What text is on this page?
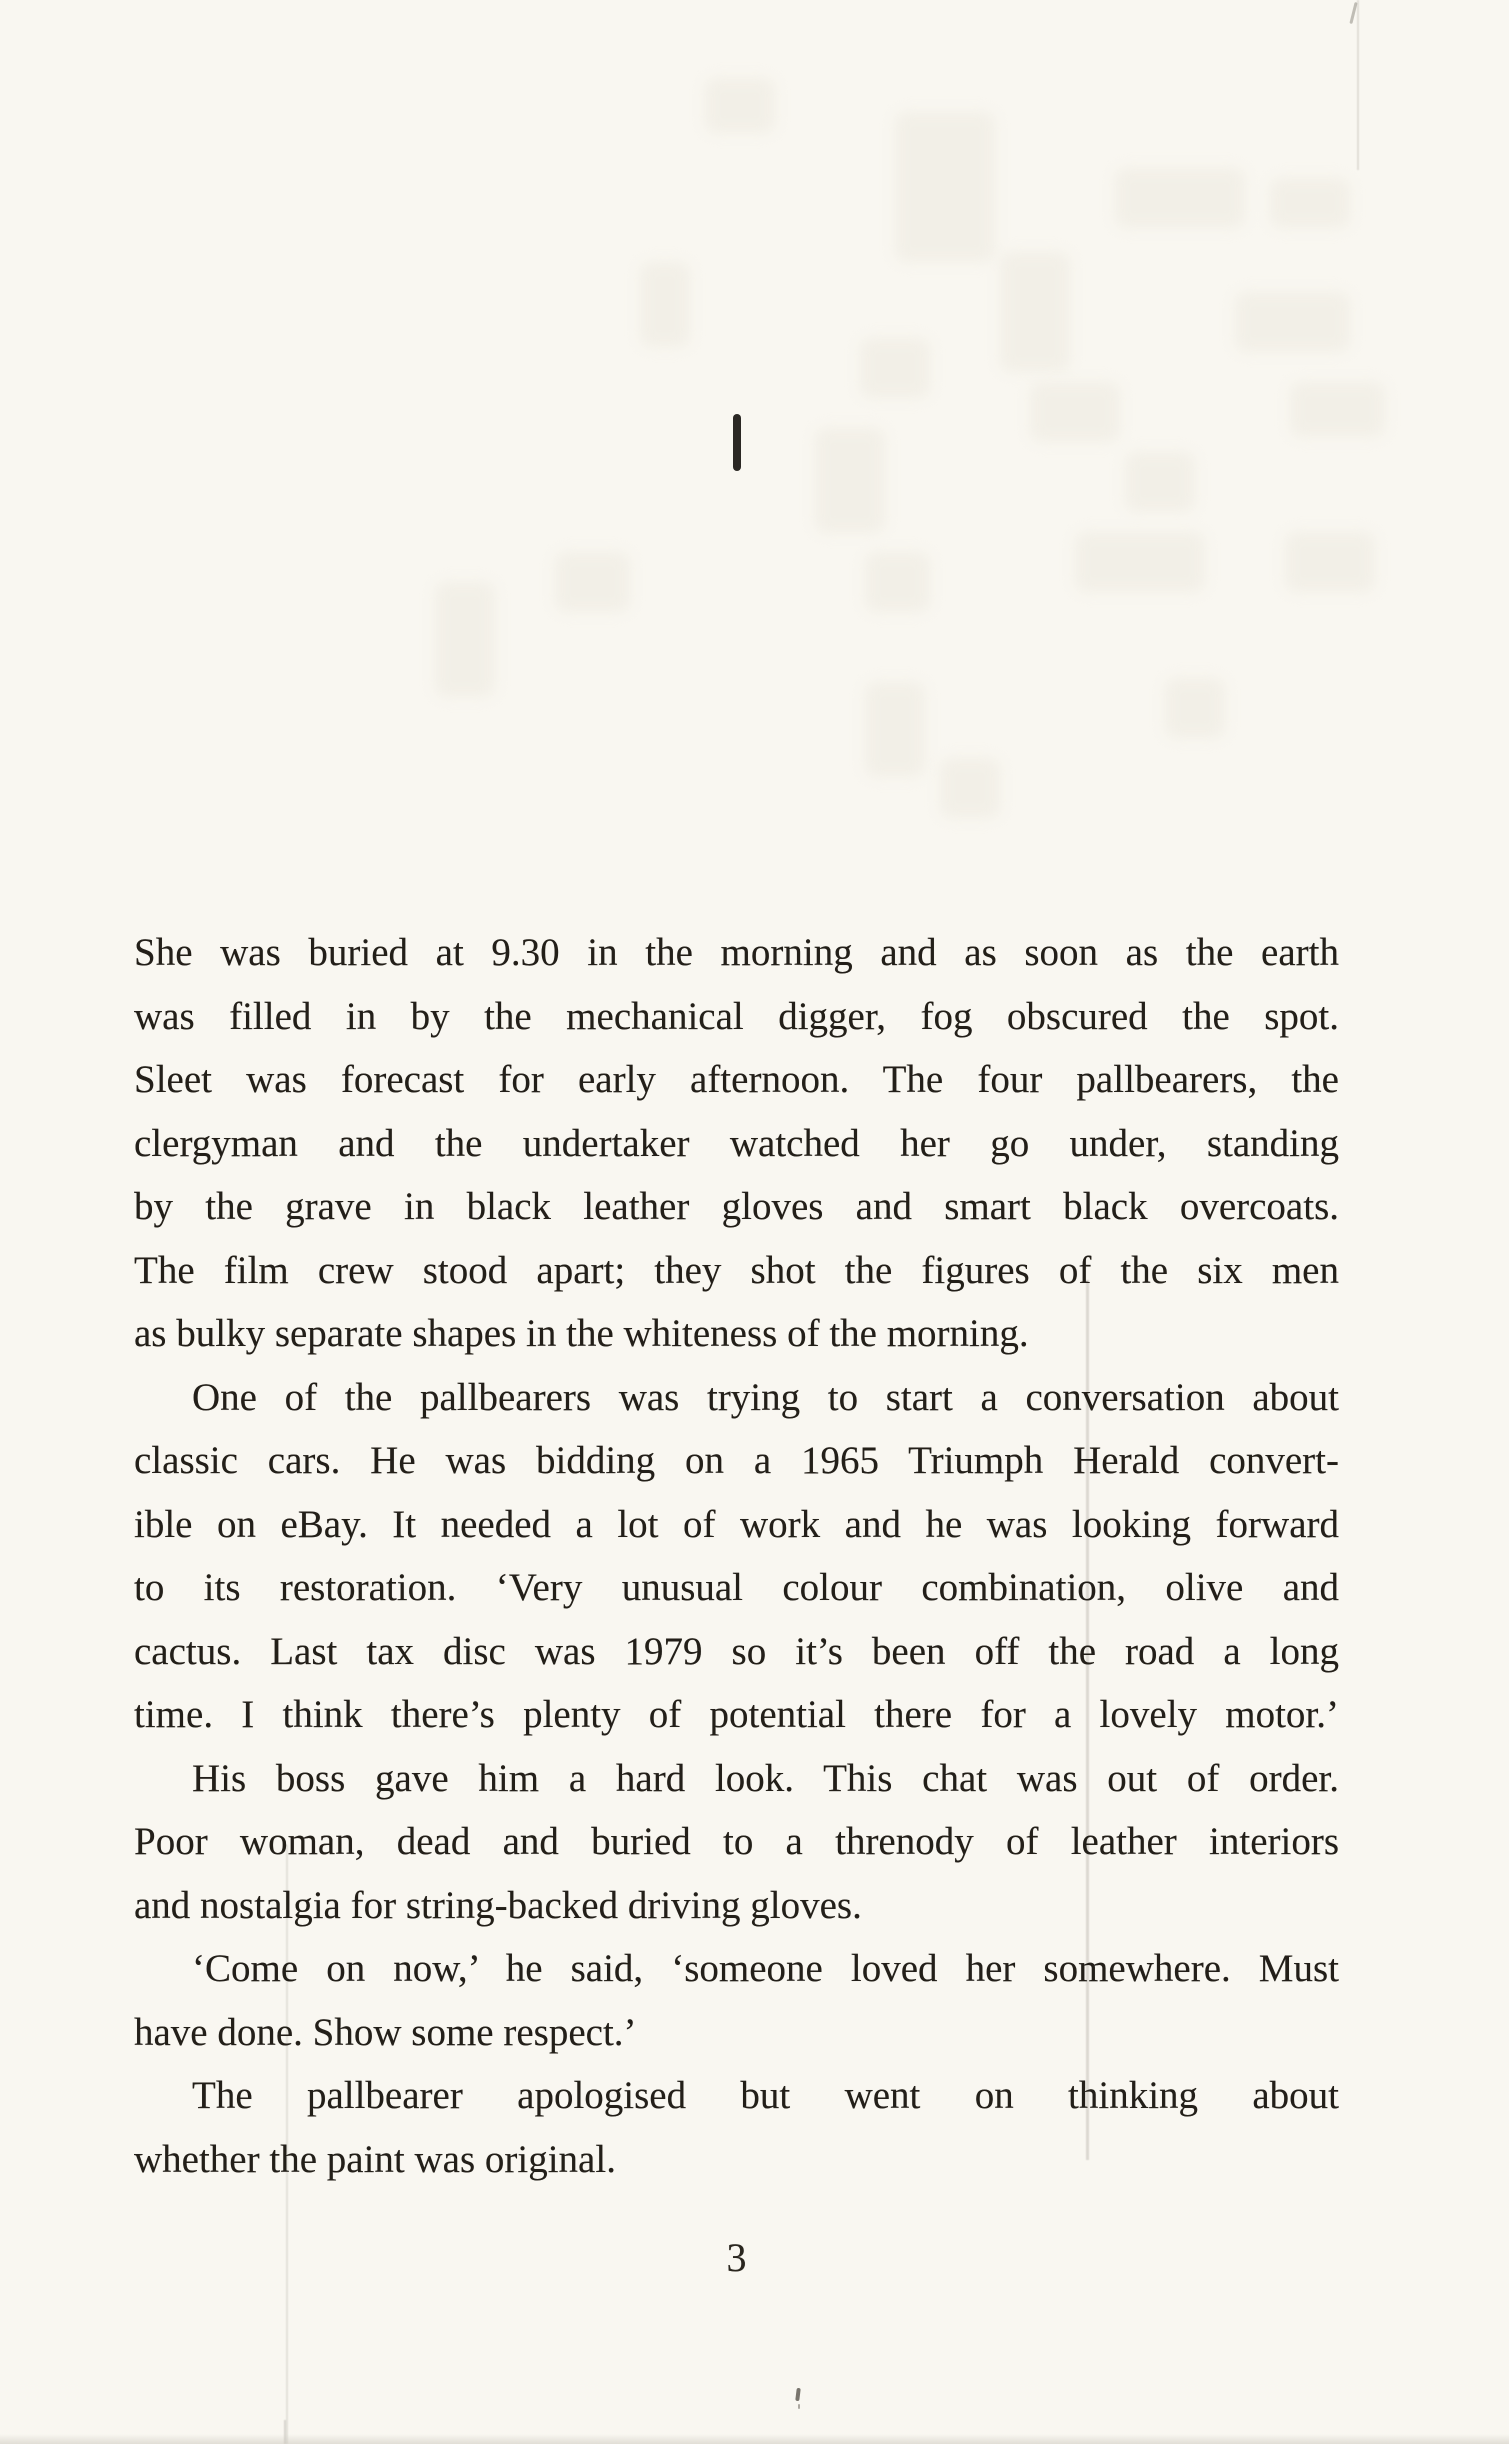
She was buried at 9.30 in the morning and as soon as the earth
was filled in by the mechanical digger, fog obscured the spot.
Sleet was forecast for early afternoon. The four pallbearers, the
clergyman and the undertaker watched her go under, standing
by the grave in black leather gloves and smart black overcoats.
The film crew stood apart; they shot the figures of the six men
as bulky separate shapes in the whiteness of the morning.
One of the pallbearers was trying to start a conversation about
classic cars. He was bidding on a 1965 Triumph Herald convert-
ible on eBay. It needed a lot of work and he was looking forward
to its restoration. ‘Very unusual colour combination, olive and
cactus. Last tax disc was 1979 so it’s been off the road a long
time. I think there’s plenty of potential there for a lovely motor.’
His boss gave him a hard look. This chat was out of order.
Poor woman, dead and buried to a threnody of leather interiors
and nostalgia for string-backed driving gloves.
‘Come on now,’ he said, ‘someone loved her somewhere. Must
have done. Show some respect.’
The pallbearer apologised but went on thinking about
whether the paint was original.
3
